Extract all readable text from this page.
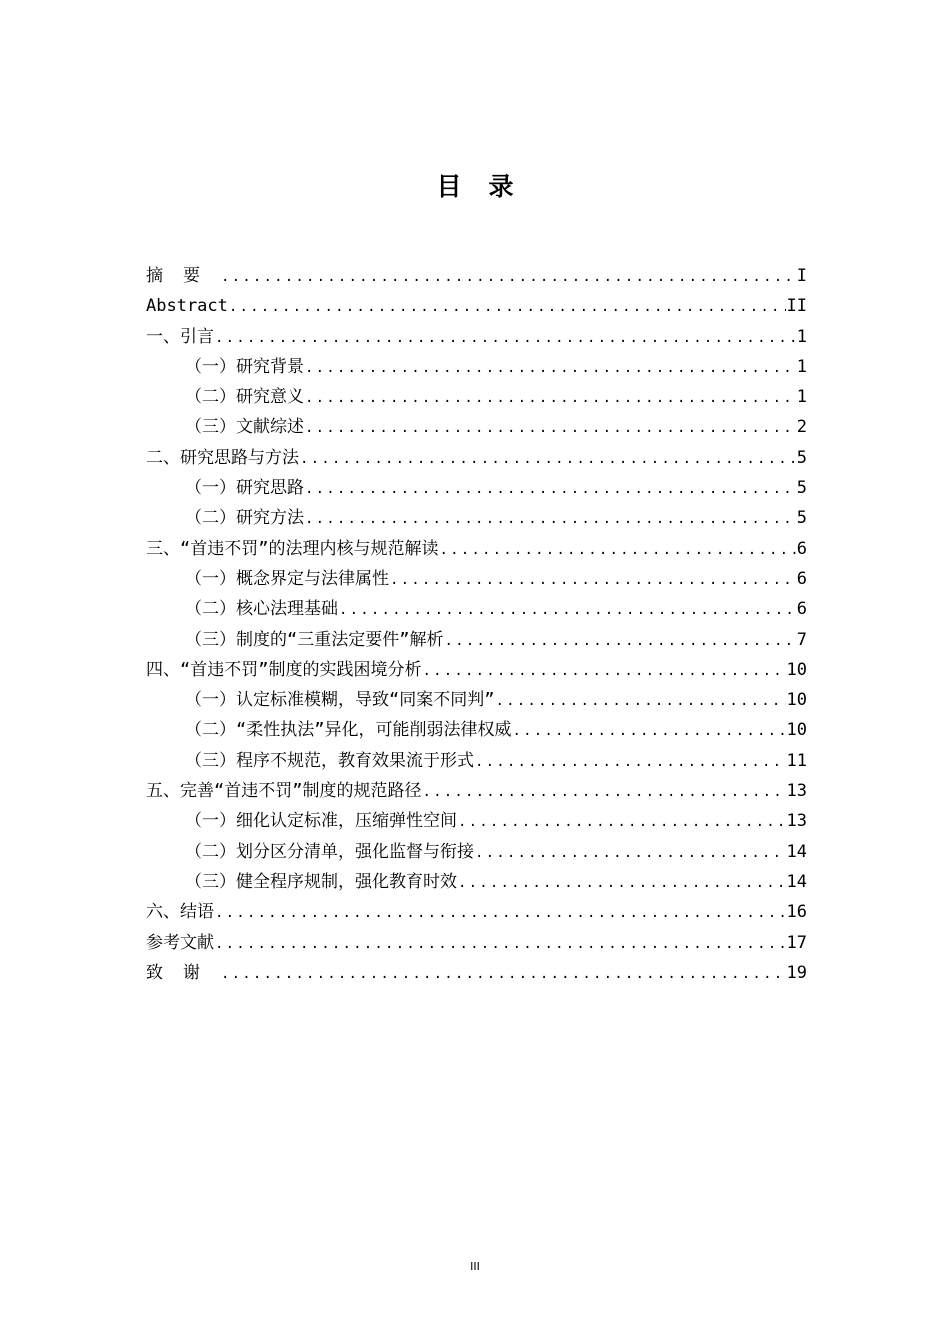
目录
摘要 .....	I
Abstract .....	II
一、引言 .....	1
（一）研究背景 .....	1
（二）研究意义 .....	1
（三）文献综述 .....	2
二、研究思路与方法 .....	5
（一）研究思路 .....	5
（二）研究方法 .....	5
三、“首违不罚”的法理内核与规范解读 .....	6
（一）概念界定与法律属性 .....	6
（二）核心法理基础 .....	6
（三）制度的“三重法定要件”解析 .....	7
四、“首违不罚”制度的实践困境分析 .....	10
（一）认定标准模糊，导致“同案不同判” .....	10
（二）“柔性执法”异化，可能削弱法律权威 .....	10
（三）程序不规范，教育效果流于形式 .....	11
五、完善“首违不罚”制度的规范路径 .....	13
（一）细化认定标准，压缩弹性空间 .....	13
（二）划分区分清单，强化监督与衔接 .....	14
（三）健全程序规制，强化教育时效 .....	14
六、结语 .....	16
参考文献 .....	17
致谢 .....	19
III
